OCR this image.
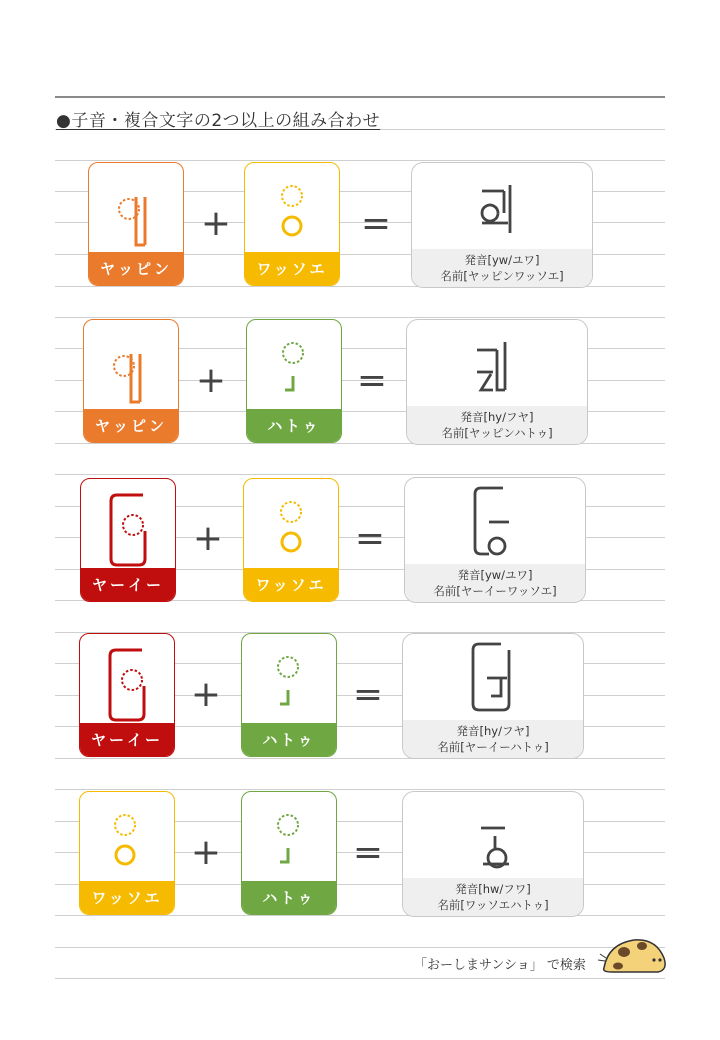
●子音・複合文字の2つ以上の組み合わせ
ヤッピン
+
ワッソエ
=
発音[yw/ユワ]
名前[ヤッピンワッソエ]
ヤッピン
+
ハトゥ
=
発音[hy/フヤ]
名前[ヤッピンハトゥ]
ヤーイー
+
ワッソエ
=
発音[yw/ユワ]
名前[ヤーイーワッソエ]
ヤーイー
+
ハトゥ
=
発音[hy/フヤ]
名前[ヤーイーハトゥ]
ワッソエ
+
ハトゥ
=
発音[hw/フワ]
名前[ワッソエハトゥ]
「おーしまサンショ」 で検索
